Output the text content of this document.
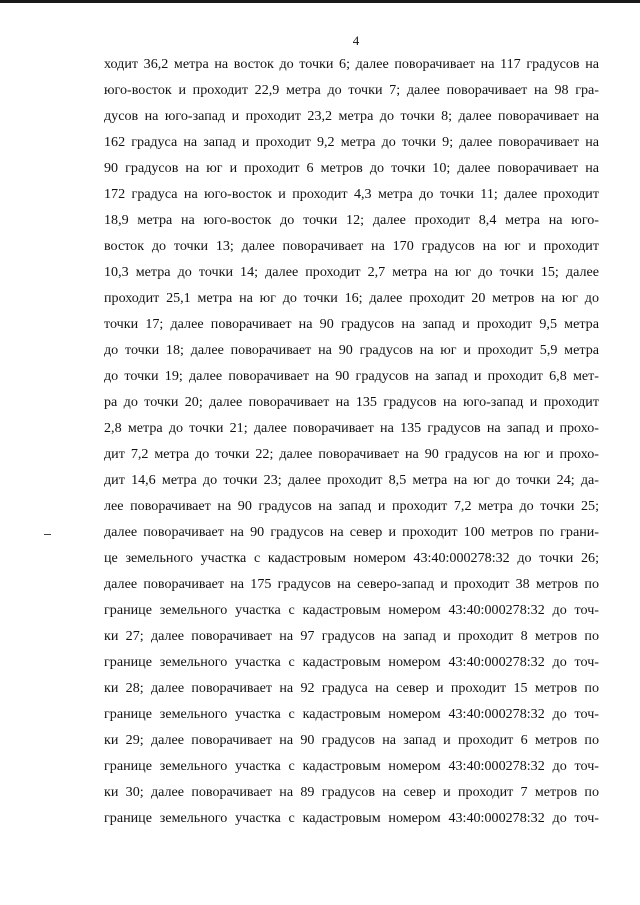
4
ходит 36,2 метра на восток до точки 6; далее поворачивает на 117 градусов на
юго-восток и проходит 22,9 метра до точки 7; далее поворачивает на 98 гра-
дусов на юго-запад и проходит 23,2 метра до точки 8; далее поворачивает на
162 градуса на запад и проходит 9,2 метра до точки 9; далее поворачивает на
90 градусов на юг и проходит 6 метров до точки 10; далее поворачивает на
172 градуса на юго-восток и проходит 4,3 метра до точки 11; далее проходит
18,9 метра на юго-восток до точки 12; далее проходит 8,4 метра на юго-
восток до точки 13; далее поворачивает на 170 градусов на юг и проходит
10,3 метра до точки 14; далее проходит 2,7 метра на юг до точки 15; далее
проходит 25,1 метра на юг до точки 16; далее проходит 20 метров на юг до
точки 17; далее поворачивает на 90 градусов на запад и проходит 9,5 метра
до точки 18; далее поворачивает на 90 градусов на юг и проходит 5,9 метра
до точки 19; далее поворачивает на 90 градусов на запад и проходит 6,8 мет-
ра до точки 20; далее поворачивает на 135 градусов на юго-запад и проходит
2,8 метра до точки 21; далее поворачивает на 135 градусов на запад и прохо-
дит 7,2 метра до точки 22; далее поворачивает на 90 градусов на юг и прохо-
дит 14,6 метра до точки 23; далее проходит 8,5 метра на юг до точки 24; да-
лее поворачивает на 90 градусов на запад и проходит 7,2 метра до точки 25;
далее поворачивает на 90 градусов на север и проходит 100 метров по грани-
це земельного участка с кадастровым номером 43:40:000278:32 до точки 26;
далее поворачивает на 175 градусов на северо-запад и проходит 38 метров по
границе земельного участка с кадастровым номером 43:40:000278:32 до точ-
ки 27; далее поворачивает на 97 градусов на запад и проходит 8 метров по
границе земельного участка с кадастровым номером 43:40:000278:32 до точ-
ки 28; далее поворачивает на 92 градуса на север и проходит 15 метров по
границе земельного участка с кадастровым номером 43:40:000278:32 до точ-
ки 29; далее поворачивает на 90 градусов на запад и проходит 6 метров по
границе земельного участка с кадастровым номером 43:40:000278:32 до точ-
ки 30; далее поворачивает на 89 градусов на север и проходит 7 метров по
границе земельного участка с кадастровым номером 43:40:000278:32 до точ-
